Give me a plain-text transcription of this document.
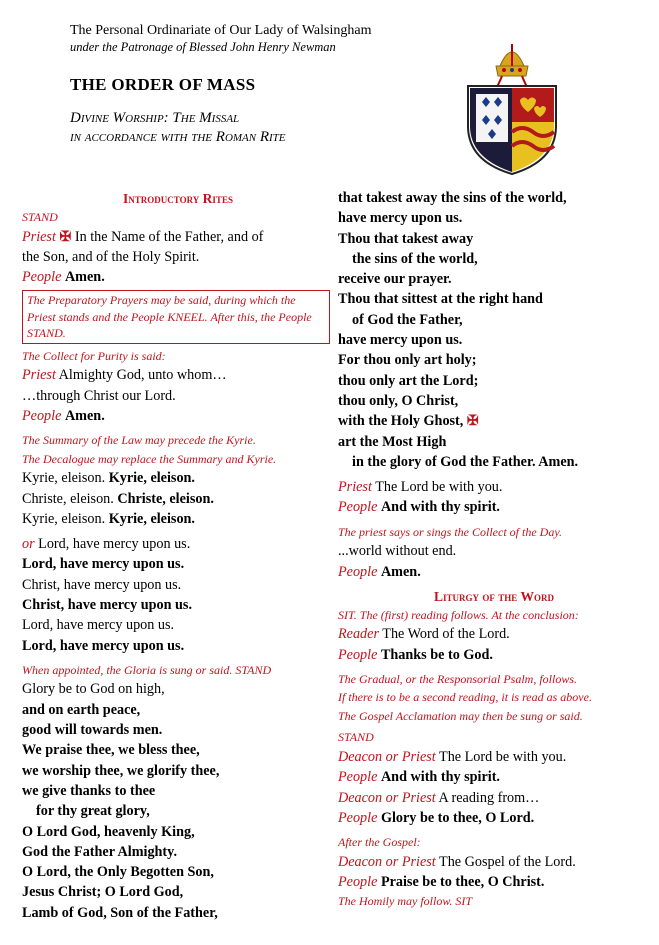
The Personal Ordinariate of Our Lady of Walsingham
under the Patronage of Blessed John Henry Newman
THE ORDER OF MASS
Divine Worship: The Missal
in accordance with the Roman Rite
Introductory Rites
STAND
Priest ✠ In the Name of the Father, and of
the Son, and of the Holy Spirit.
People Amen.
The Preparatory Prayers may be said, during which the Priest stands and the People KNEEL. After this, the People STAND.
The Collect for Purity is said:
Priest Almighty God, unto whom…
…through Christ our Lord.
People Amen.
The Summary of the Law may precede the Kyrie.
The Decalogue may replace the Summary and Kyrie.
Kyrie, eleison. Kyrie, eleison.
Christe, eleison. Christe, eleison.
Kyrie, eleison. Kyrie, eleison.
or Lord, have mercy upon us.
Lord, have mercy upon us.
Christ, have mercy upon us.
Christ, have mercy upon us.
Lord, have mercy upon us.
Lord, have mercy upon us.
When appointed, the Gloria is sung or said. STAND
Glory be to God on high,
and on earth peace,
good will towards men.
We praise thee, we bless thee,
we worship thee, we glorify thee,
we give thanks to thee
for thy great glory,
O Lord God, heavenly King,
God the Father Almighty.
O Lord, the Only Begotten Son,
Jesus Christ; O Lord God,
Lamb of God, Son of the Father,
that takest away the sins of the world,
have mercy upon us.
Thou that takest away
the sins of the world,
receive our prayer.
Thou that sittest at the right hand
of God the Father,
have mercy upon us.
For thou only art holy;
thou only art the Lord;
thou only, O Christ,
with the Holy Ghost, ✠
art the Most High
in the glory of God the Father. Amen.
Priest The Lord be with you.
People And with thy spirit.
The priest says or sings the Collect of the Day.
...world without end.
People Amen.
Liturgy of the Word
SIT. The (first) reading follows. At the conclusion:
Reader The Word of the Lord.
People Thanks be to God.
The Gradual, or the Responsorial Psalm, follows.
If there is to be a second reading, it is read as above.
The Gospel Acclamation may then be sung or said.
STAND
Deacon or Priest The Lord be with you.
People And with thy spirit.
Deacon or Priest A reading from…
People Glory be to thee, O Lord.
After the Gospel:
Deacon or Priest The Gospel of the Lord.
People Praise be to thee, O Christ.
The Homily may follow. SIT
